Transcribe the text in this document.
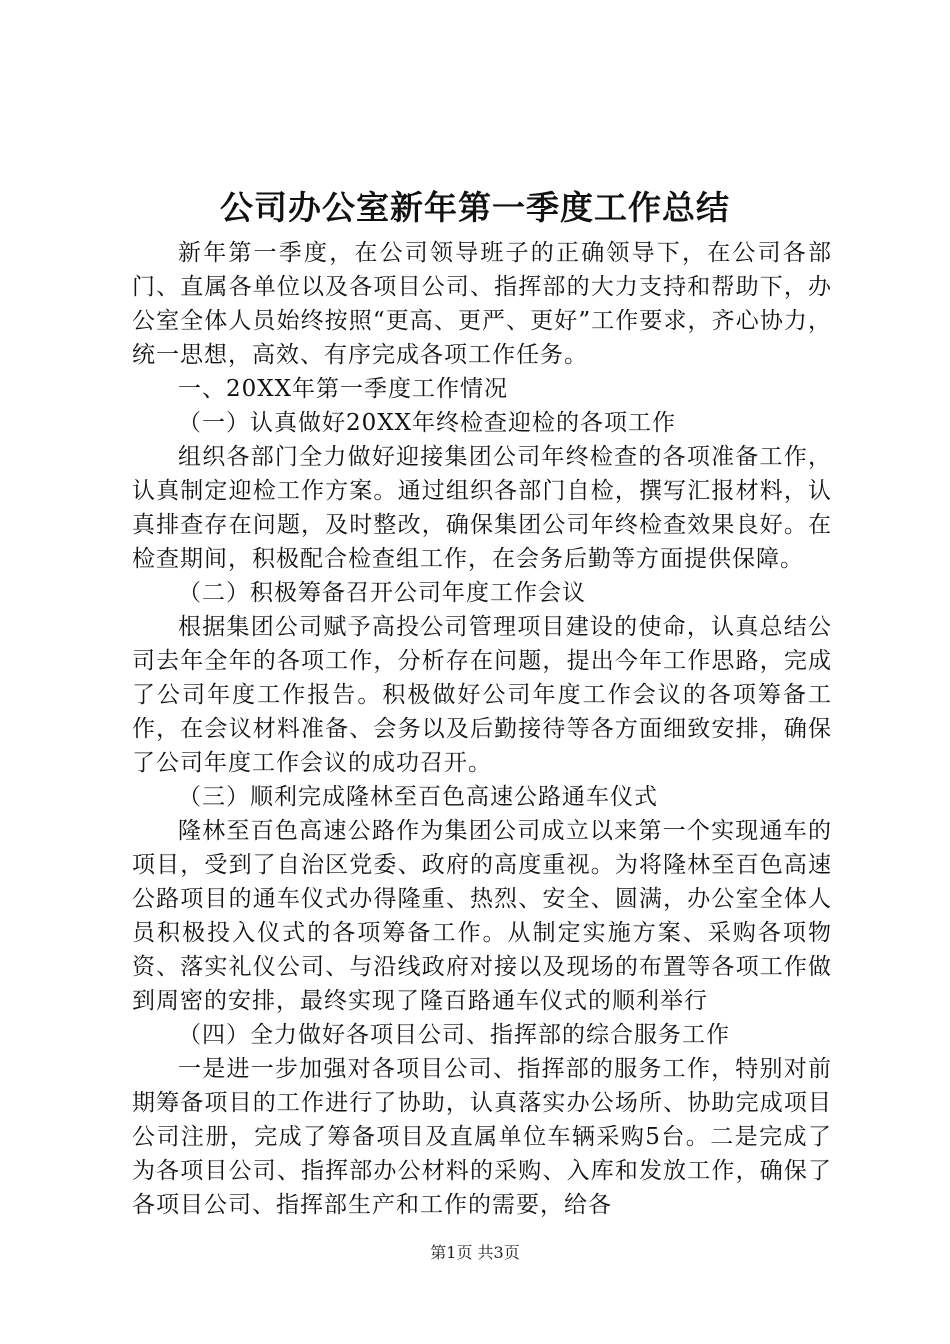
公司办公室新年第一季度工作总结

新年第一季度，在公司领导班子的正确领导下，在公司各部门、直属各单位以及各项目公司、指挥部的大力支持和帮助下，办公室全体人员始终按照“更高、更严、更好”工作要求，齐心协力，统一思想，高效、有序完成各项工作任务。

一、20XX年第一季度工作情况

（一）认真做好20XX年终检查迎检的各项工作

组织各部门全力做好迎接集团公司年终检查的各项准备工作，认真制定迎检工作方案。通过组织各部门自检，撰写汇报材料，认真排查存在问题，及时整改，确保集团公司年终检查效果良好。在检查期间，积极配合检查组工作，在会务后勤等方面提供保障。

（二）积极筹备召开公司年度工作会议

根据集团公司赋予高投公司管理项目建设的使命，认真总结公司去年全年的各项工作，分析存在问题，提出今年工作思路，完成了公司年度工作报告。积极做好公司年度工作会议的各项筹备工作，在会议材料准备、会务以及后勤接待等各方面细致安排，确保了公司年度工作会议的成功召开。

（三）顺利完成隆林至百色高速公路通车仪式

隆林至百色高速公路作为集团公司成立以来第一个实现通车的项目，受到了自治区党委、政府的高度重视。为将隆林至百色高速公路项目的通车仪式办得隆重、热烈、安全、圆满，办公室全体人员积极投入仪式的各项筹备工作。从制定实施方案、采购各项物资、落实礼仪公司、与沿线政府对接以及现场的布置等各项工作做到周密的安排，最终实现了隆百路通车仪式的顺利举行

（四）全力做好各项目公司、指挥部的综合服务工作

一是进一步加强对各项目公司、指挥部的服务工作，特别对前期筹备项目的工作进行了协助，认真落实办公场所、协助完成项目公司注册，完成了筹备项目及直属单位车辆采购5台。二是完成了为各项目公司、指挥部办公材料的采购、入库和发放工作，确保了各项目公司、指挥部生产和工作的需要，给各

第1页 共3页
